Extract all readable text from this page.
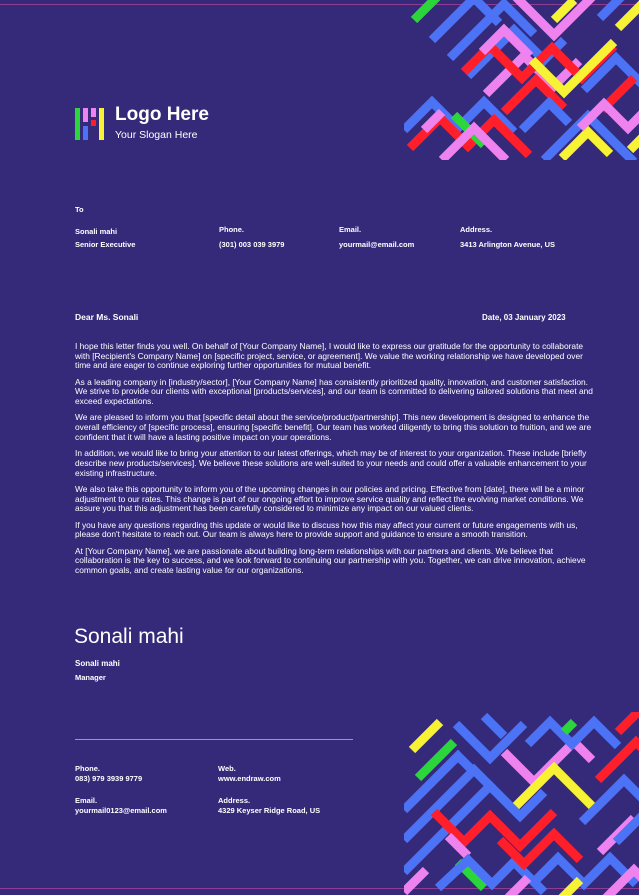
Logo Here
Your Slogan Here
To
Sonali mahi
Senior Executive
Phone.
(301) 003 039 3979
Email.
yourmail@email.com
Address.
3413 Arlington Avenue, US
Dear Ms. Sonali	Date, 03 January 2023

I hope this letter finds you well. On behalf of [Your Company Name], I would like to express our gratitude for the opportunity to collaborate with [Recipient's Company Name] on [specific project, service, or agreement]. We value the working relationship we have developed over time and are eager to continue exploring further opportunities for mutual benefit.

As a leading company in [industry/sector], [Your Company Name] has consistently prioritized quality, innovation, and customer satisfaction. We strive to provide our clients with exceptional [products/services], and our team is committed to delivering tailored solutions that meet and exceed expectations.

We are pleased to inform you that [specific detail about the service/product/partnership]. This new development is designed to enhance the overall efficiency of [specific process], ensuring [specific benefit]. Our team has worked diligently to bring this solution to fruition, and we are confident that it will have a lasting positive impact on your operations.

In addition, we would like to bring your attention to our latest offerings, which may be of interest to your organization. These include [briefly describe new products/services]. We believe these solutions are well-suited to your needs and could offer a valuable enhancement to your existing infrastructure.

We also take this opportunity to inform you of the upcoming changes in our policies and pricing. Effective from [date], there will be a minor adjustment to our rates. This change is part of our ongoing effort to improve service quality and reflect the evolving market conditions. We assure you that this adjustment has been carefully considered to minimize any impact on our valued clients.

If you have any questions regarding this update or would like to discuss how this may affect your current or future engagements with us, please don't hesitate to reach out. Our team is always here to provide support and guidance to ensure a smooth transition.

At [Your Company Name], we are passionate about building long-term relationships with our partners and clients. We believe that collaboration is the key to success, and we look forward to continuing our partnership with you. Together, we can drive innovation, achieve common goals, and create lasting value for our organizations.

Sonali mahi
Sonali mahi
Manager
Phone.
083) 979 3939 9779
Web.
www.endraw.com
Email.
yourmail0123@email.com
Address.
4329 Keyser Ridge Road, US
